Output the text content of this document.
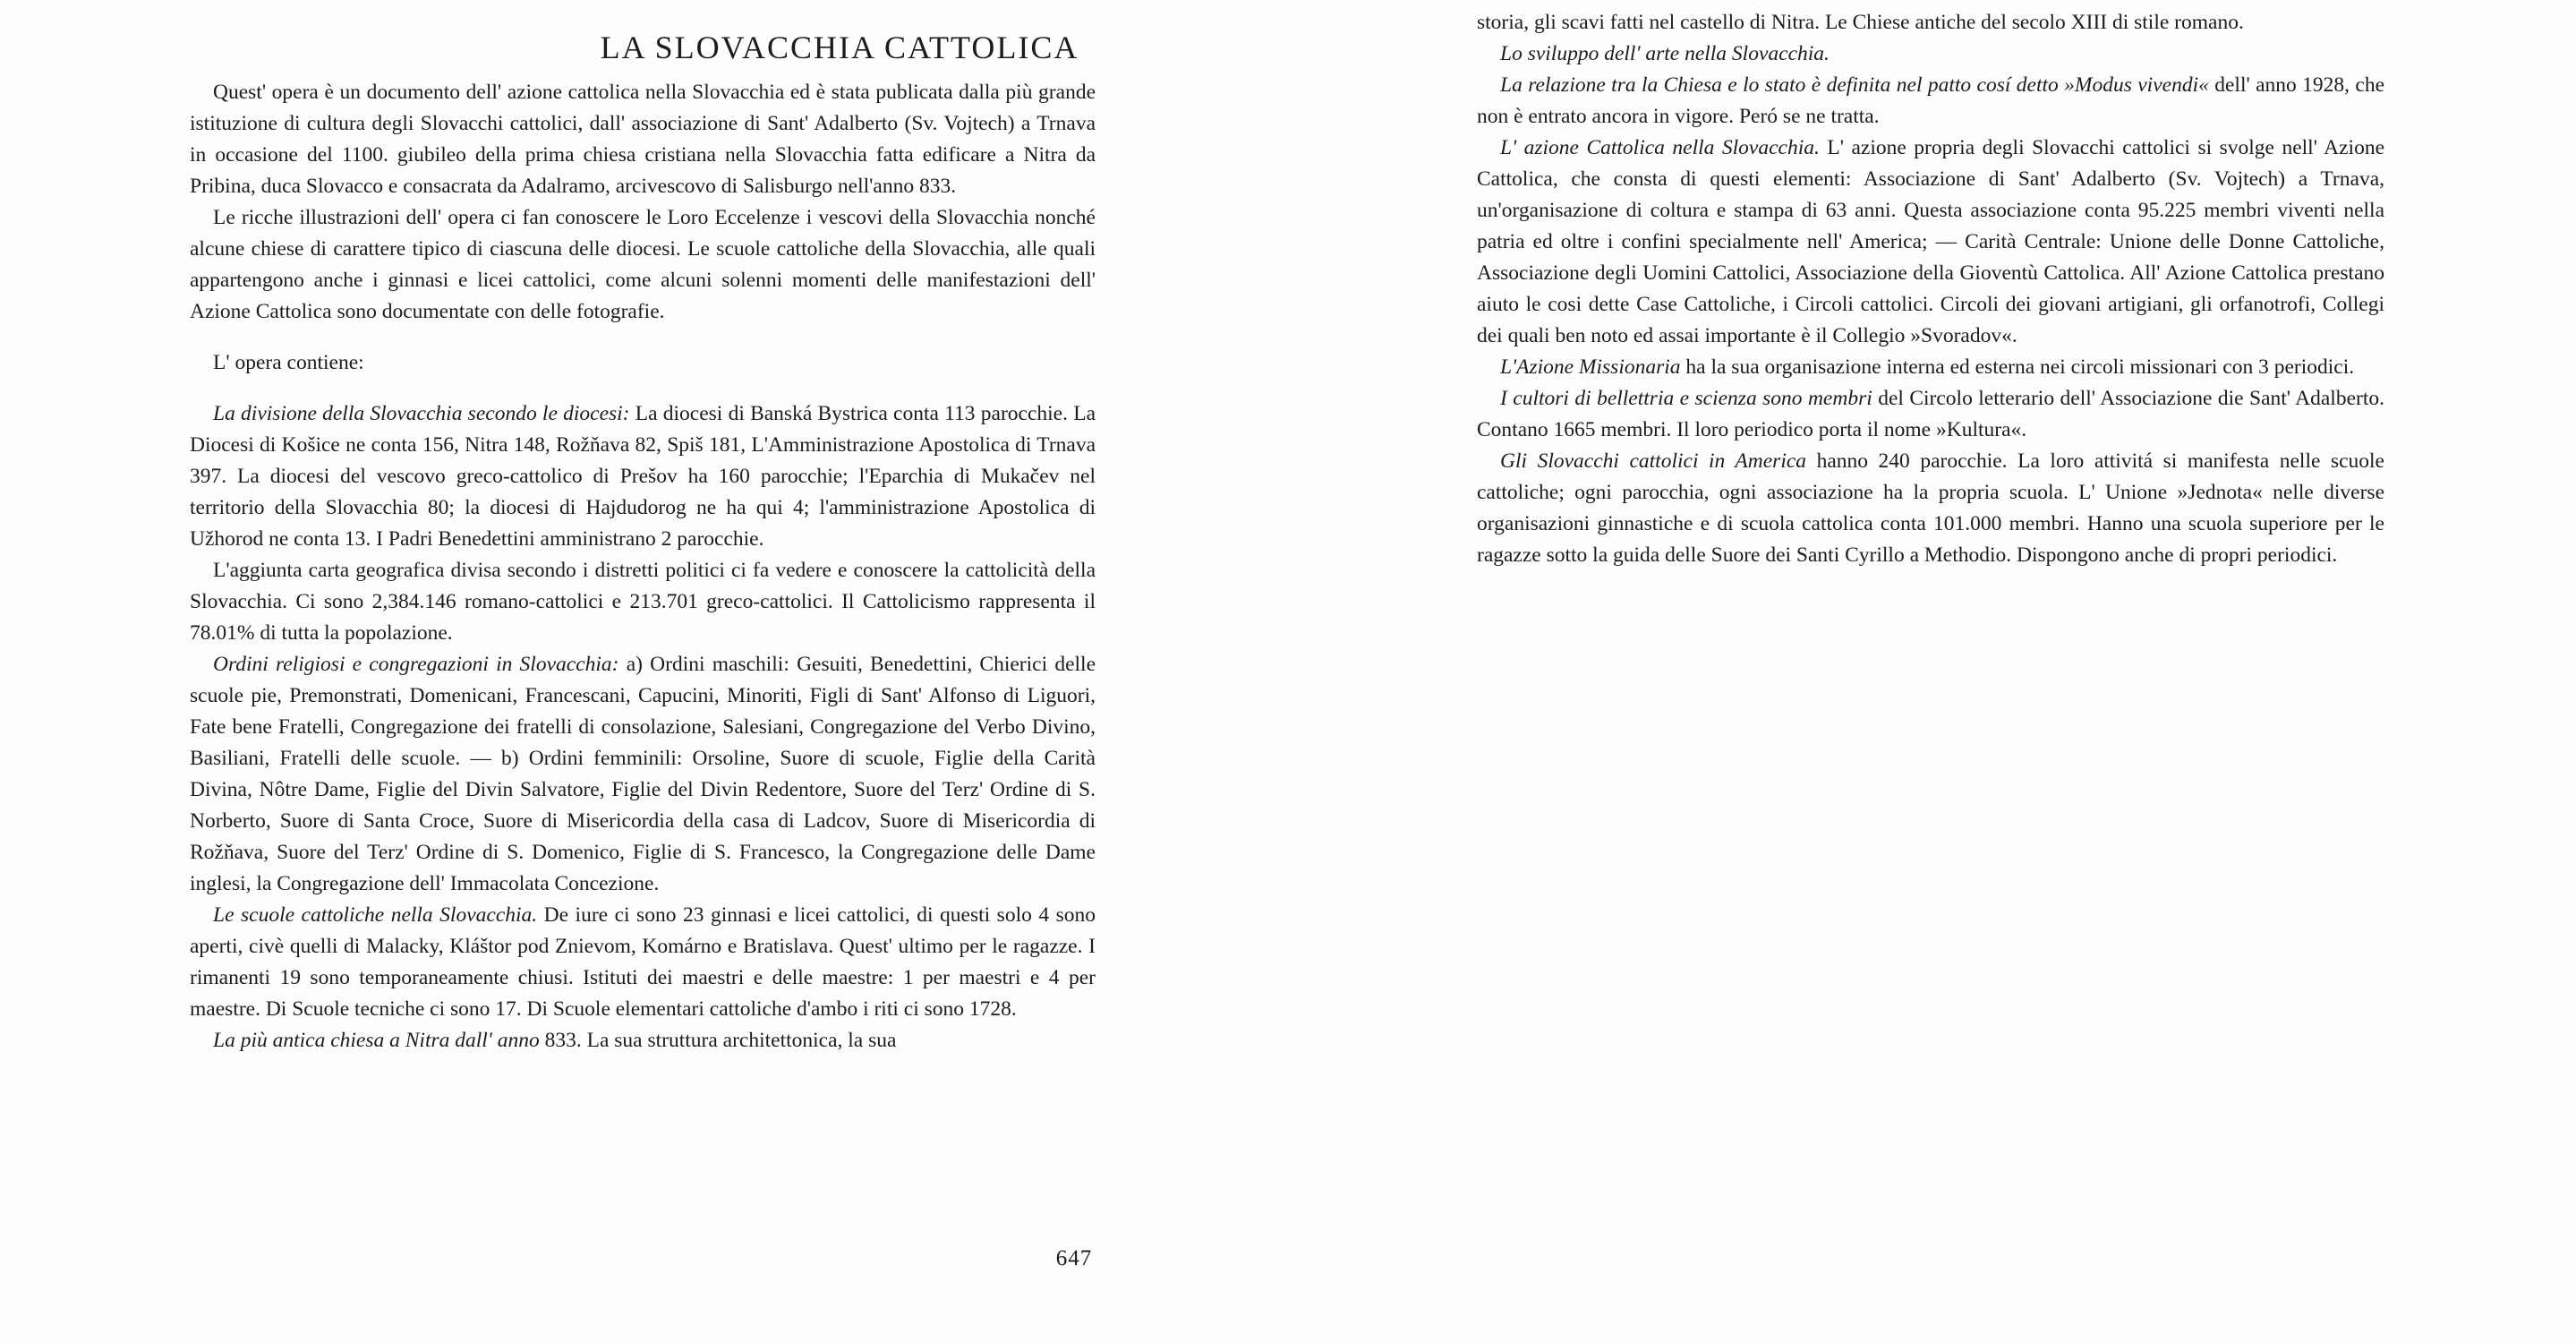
LA SLOVACCHIA CATTOLICA

Quest' opera è un documento dell' azione cattolica nella Slovacchia ed è stata publicata dalla più grande istituzione di cultura degli Slovacchi cattolici, dall' associazione di Sant' Adalberto (Sv. Vojtech) a Trnava in occasione del 1100. giubileo della prima chiesa cristiana nella Slovacchia fatta edificare a Nitra da Pribina, duca Slovacco e consacrata da Adalramo, arcivescovo di Salisburgo nell'anno 833.

Le ricche illustrazioni dell' opera ci fan conoscere le Loro Eccelenze i vescovi della Slovacchia nonché alcune chiese di carattere tipico di ciascuna delle diocesi. Le scuole cattoliche della Slovacchia, alle quali appartengono anche i ginnasi e licei cattolici, come alcuni solenni momenti delle manifestazioni dell' Azione Cattolica sono documentate con delle fotografie.

L' opera contiene:

La divisione della Slovacchia secondo le diocesi: La diocesi di Banská Bystrica conta 113 parocchie. La Diocesi di Košice ne conta 156, Nitra 148, Rožňava 82, Spiš 181, L'Amministrazione Apostolica di Trnava 397. La diocesi del vescovo greco-cattolico di Prešov ha 160 parocchie; l'Eparchia di Mukačev nel territorio della Slovacchia 80; la diocesi di Hajdudorog ne ha qui 4; l'amministrazione Apostolica di Užhorod ne conta 13. I Padri Benedettini amministrano 2 parocchie.

L'aggiunta carta geografica divisa secondo i distretti politici ci fa vedere e conoscere la cattolicità della Slovacchia. Ci sono 2,384.146 romano-cattolici e 213.701 greco-cattolici. Il Cattolicismo rappresenta il 78.01% di tutta la popolazione.

Ordini religiosi e congregazioni in Slovacchia: a) Ordini maschili: Gesuiti, Benedettini, Chierici delle scuole pie, Premonstrati, Domenicani, Francescani, Capucini, Minoriti, Figli di Sant' Alfonso di Liguori, Fate bene Fratelli, Congregazione dei fratelli di consolazione, Salesiani, Congregazione del Verbo Divino, Basiliani, Fratelli delle scuole. — b) Ordini femminili: Orsoline, Suore di scuole, Figlie della Carità Divina, Nôtre Dame, Figlie del Divin Salvatore, Figlie del Divin Redentore, Suore del Terz' Ordine di S. Norberto, Suore di Santa Croce, Suore di Misericordia della casa di Ladcov, Suore di Misericordia di Rožňava, Suore del Terz' Ordine di S. Domenico, Figlie di S. Francesco, la Congregazione delle Dame inglesi, la Congregazione dell' Immacolata Concezione.

Le scuole cattoliche nella Slovacchia. De iure ci sono 23 ginnasi e licei cattolici, di questi solo 4 sono aperti, civè quelli di Malacky, Kláštor pod Znievom, Komárno e Bratislava. Quest' ultimo per le ragazze. I rimanenti 19 sono temporaneamente chiusi. Istituti dei maestri e delle maestre: 1 per maestri e 4 per maestre. Di Scuole tecniche ci sono 17. Di Scuole elementari cattoliche d'ambo i riti ci sono 1728.

La più antica chiesa a Nitra dall' anno 833. La sua struttura architettonica, la sua

storia, gli scavi fatti nel castello di Nitra. Le Chiese antiche del secolo XIII di stile romano.

Lo sviluppo dell' arte nella Slovacchia.

La relazione tra la Chiesa e lo stato è definita nel patto cosí detto »Modus vivendi« dell' anno 1928, che non è entrato ancora in vigore. Peró se ne tratta.

L' azione Cattolica nella Slovacchia. L' azione propria degli Slovacchi cattolici si svolge nell' Azione Cattolica, che consta di questi elementi: Associazione di Sant' Adalberto (Sv. Vojtech) a Trnava, un'organisazione di coltura e stampa di 63 anni. Questa associazione conta 95.225 membri viventi nella patria ed oltre i confini specialmente nell' America; — Carità Centrale: Unione delle Donne Cattoliche, Associazione degli Uomini Cattolici, Associazione della Gioventù Cattolica. All' Azione Cattolica prestano aiuto le cosi dette Case Cattoliche, i Circoli cattolici. Circoli dei giovani artigiani, gli orfanotrofi, Collegi dei quali ben noto ed assai importante è il Collegio »Svoradov«.

L'Azione Missionaria ha la sua organisazione interna ed esterna nei circoli missionari con 3 periodici.

I cultori di bellettria e scienza sono membri del Circolo letterario dell' Associazione die Sant' Adalberto. Contano 1665 membri. Il loro periodico porta il nome »Kultura«.

Gli Slovacchi cattolici in America hanno 240 parocchie. La loro attivitá si manifesta nelle scuole cattoliche; ogni parocchia, ogni associazione ha la propria scuola. L' Unione »Jednota« nelle diverse organisazioni ginnastiche e di scuola cattolica conta 101.000 membri. Hanno una scuola superiore per le ragazze sotto la guida delle Suore dei Santi Cyrillo a Methodio. Dispongono anche di propri periodici.

647
